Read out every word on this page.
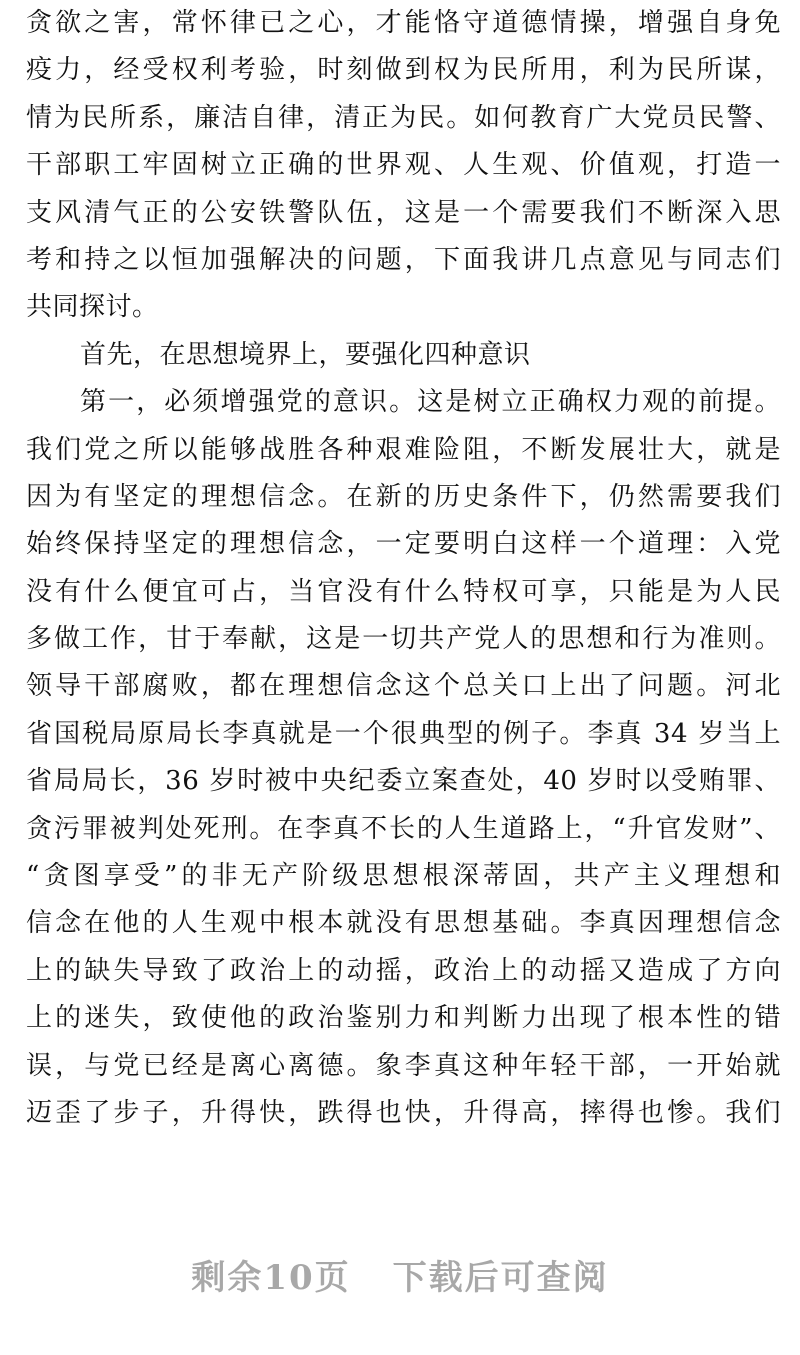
贪欲之害，常怀律已之心，才能恪守道德情操，增强自身免
疫力，经受权利考验，时刻做到权为民所用，利为民所谋，
情为民所系，廉洁自律，清正为民。如何教育广大党员民警、
干部职工牢固树立正确的世界观、人生观、价值观，打造一
支风清气正的公安铁警队伍，这是一个需要我们不断深入思
考和持之以恒加强解决的问题，下面我讲几点意见与同志们
共同探讨。
首先，在思想境界上，要强化四种意识
第一，必须增强党的意识。这是树立正确权力观的前提。
我们党之所以能够战胜各种艰难险阻，不断发展壮大，就是
因为有坚定的理想信念。在新的历史条件下，仍然需要我们
始终保持坚定的理想信念，一定要明白这样一个道理：入党
没有什么便宜可占，当官没有什么特权可享，只能是为人民
多做工作，甘于奉献，这是一切共产党人的思想和行为准则。
领导干部腐败，都在理想信念这个总关口上出了问题。河北
省国税局原局长李真就是一个很典型的例子。李真 34 岁当上
省局局长，36 岁时被中央纪委立案查处，40 岁时以受贿罪、
贪污罪被判处死刑。在李真不长的人生道路上，“升官发财”、
“贪图享受”的非无产阶级思想根深蒂固，共产主义理想和
信念在他的人生观中根本就没有思想基础。李真因理想信念
上的缺失导致了政治上的动摇，政治上的动摇又造成了方向
上的迷失，致使他的政治鉴别力和判断力出现了根本性的错
误，与党已经是离心离德。象李真这种年轻干部，一开始就
迈歪了步子，升得快，跌得也快，升得高，摔得也惨。我们
剩余10页 下载后可查阅
